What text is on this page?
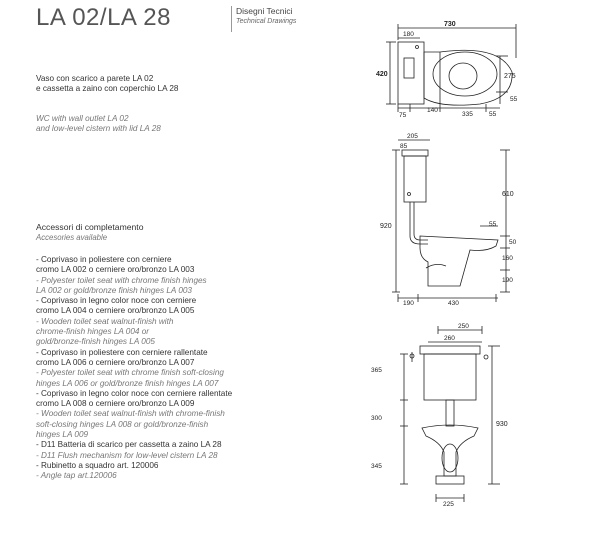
LA 02/LA 28	Disegni Tecnici
Technical Drawings
Vaso con scarico a parete LA 02
e cassetta a zaino con coperchio LA 28
WC with wall outlet LA 02
and low-level cistern with lid LA 28
Accessori di completamento
Accesories available
- Coprivaso in poliestere con cerniere
cromo LA 002 o cerniere oro/bronzo LA 003
- Polyester toilet seat with chrome finish hinges
LA 002 or gold/bronze finish hinges LA 003
- Coprivaso in legno color noce con cerniere
cromo LA 004 o cerniere oro/bronzo LA 005
- Wooden toilet seat walnut-finish with
chrome-finish hinges LA 004 or
gold/bronze-finish hinges LA 005
- Coprivaso in poliestere con cerniere rallentate
cromo LA 006 o cerniere oro/bronzo LA 007
- Polyester toilet seat with chrome finish soft-closing
hinges LA 006 or gold/bronze finish hinges LA 007
- Coprivaso in legno color noce con cerniere rallentate
cromo LA 008 o cerniere oro/bronzo LA 009
- Wooden toilet seat walnut-finish with chrome-finish
soft-closing hinges LA 008 or gold/bronze-finish
hinges LA 009
- D11 Batteria di scarico per cassetta a zaino LA 28
- D11 Flush mechanism for low-level cistern LA 28
- Rubinetto a squadro art. 120006
- Angle tap art.120006
730
180
420	275
55
75
140
335 55
205
85
920
610
55
50
160
190
190	430
250
260
365
300
345
930
225
